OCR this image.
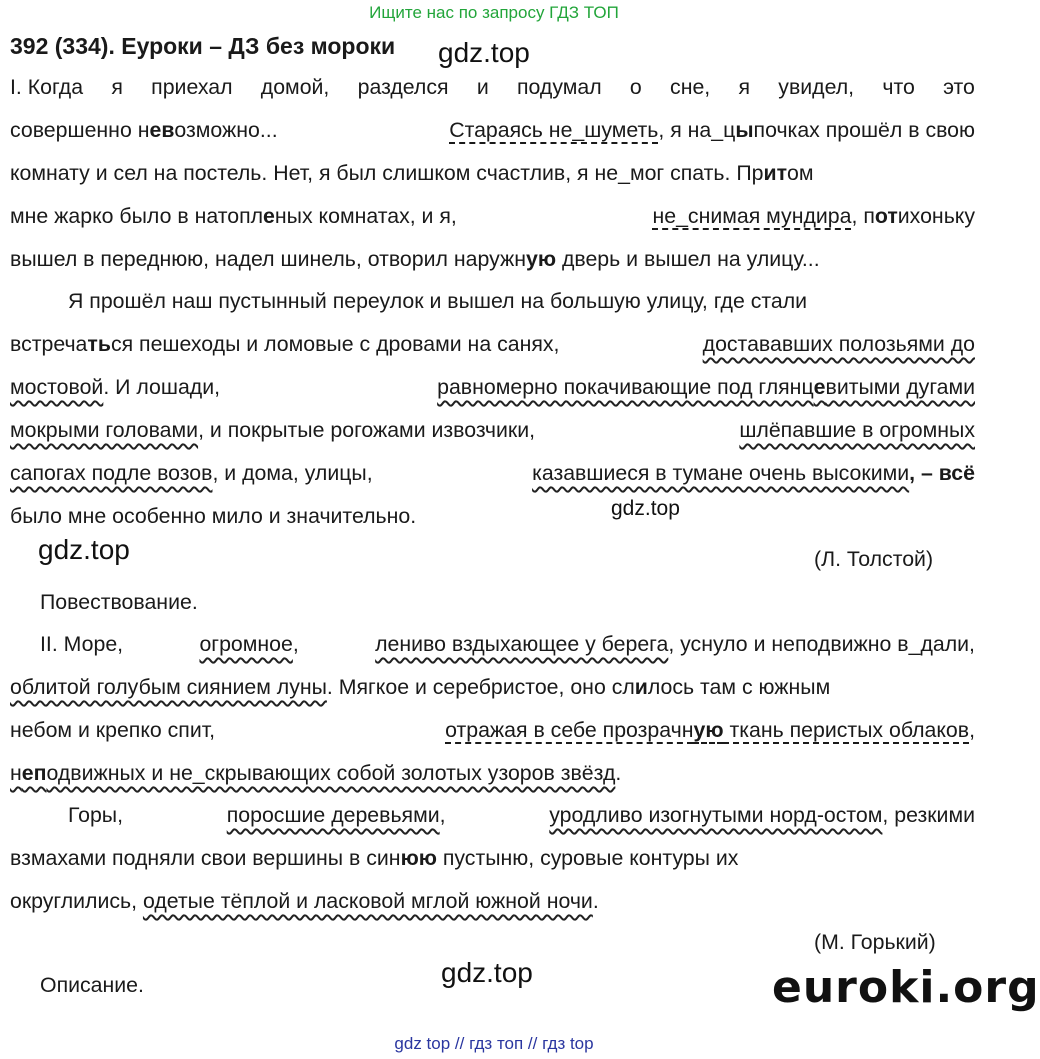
Ищите нас по запросу ГДЗ ТОП
392 (334). Еуроки – ДЗ без мороки gdz.top
I. Когда я приехал домой, разделся и подумал о сне, я увидел, что это
совершенно невозможно...	Стараясь не_шуметь, я на_цыпочках прошёл в свою
комнату и сел на постель. Нет, я был слишком счастлив, я не_мог спать. Притом
мне жарко было в натопленых комнатах, и я,	не_снимая мундира, потихоньку
вышел в переднюю, надел шинель, отворил наружную дверь и вышел на улицу...
Я прошёл наш пустынный переулок и вышел на большую улицу, где стали
встречаться пешеходы и ломовые с дровами на санях,	достававших полозьями до
мостовой. И лошади,	равномерно покачивающие под глянцевитыми дугами
мокрыми головами, и покрытые рогожами извозчики,	шлёпавшие в огромных
сапогах подле возов, и дома, улицы,	казавшиеся в тумане очень высокими, – всё
было мне особенно мило и значительно.	gdz.top
gdz.top	(Л. Толстой)
Повествование.
II. Море,	огромное,	лениво вздыхающее у берега, уснуло и неподвижно в_дали,
облитой голубым сиянием луны. Мягкое и серебристое, оно слилось там с южным
небом и крепко спит,	отражая в себе прозрачную ткань перистых облаков,
неподвижных и не_скрывающих собой золотых узоров звёзд .
Горы,	поросшие деревьями,	уродливо изогнутыми норд-остом, резкими
взмахами подняли свои вершины в синюю пустыню, суровые контуры их
округлились,
одетые тёплой и ласковой мглой южной ночи .
(М. Горький)
Описание.	gdz.top	euroki.org
gdz top // гдз топ // гдз top
